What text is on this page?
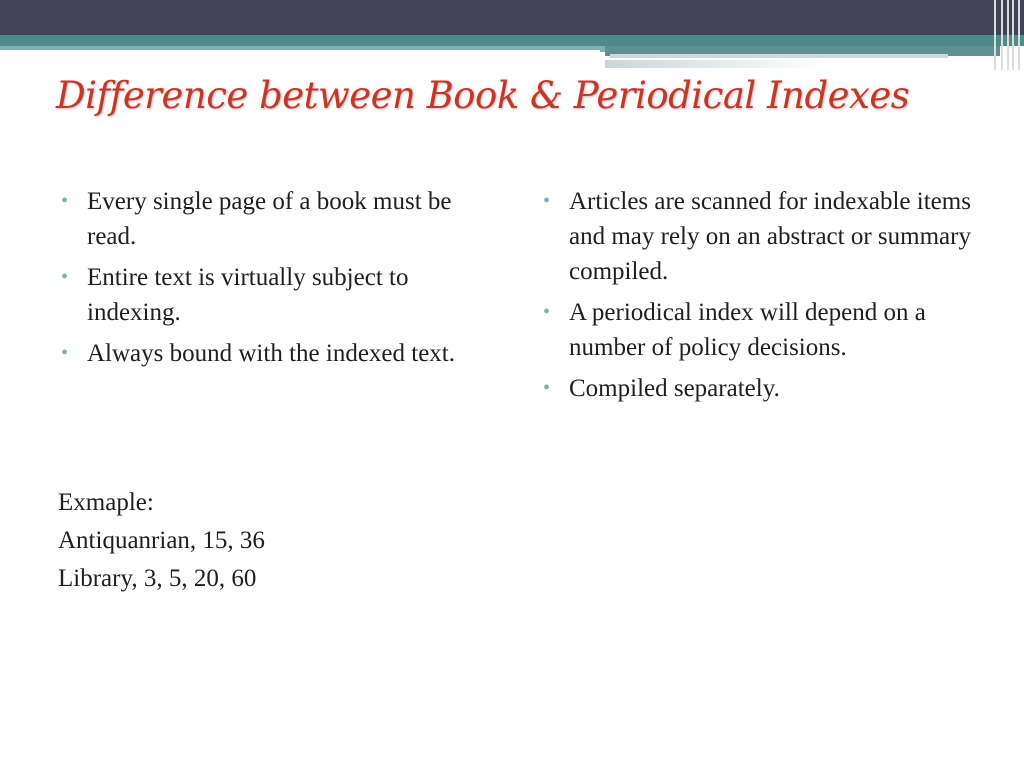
Difference between Book & Periodical Indexes
• Every single page of a book must be read.
• Entire text is virtually subject to indexing.
• Always bound with the indexed text.
Exmaple:
Antiquanrian, 15, 36
Library, 3, 5, 20, 60
• Articles are scanned for indexable items and may rely on an abstract or summary compiled.
• A periodical index will depend on a number of policy decisions.
• Compiled separately.
